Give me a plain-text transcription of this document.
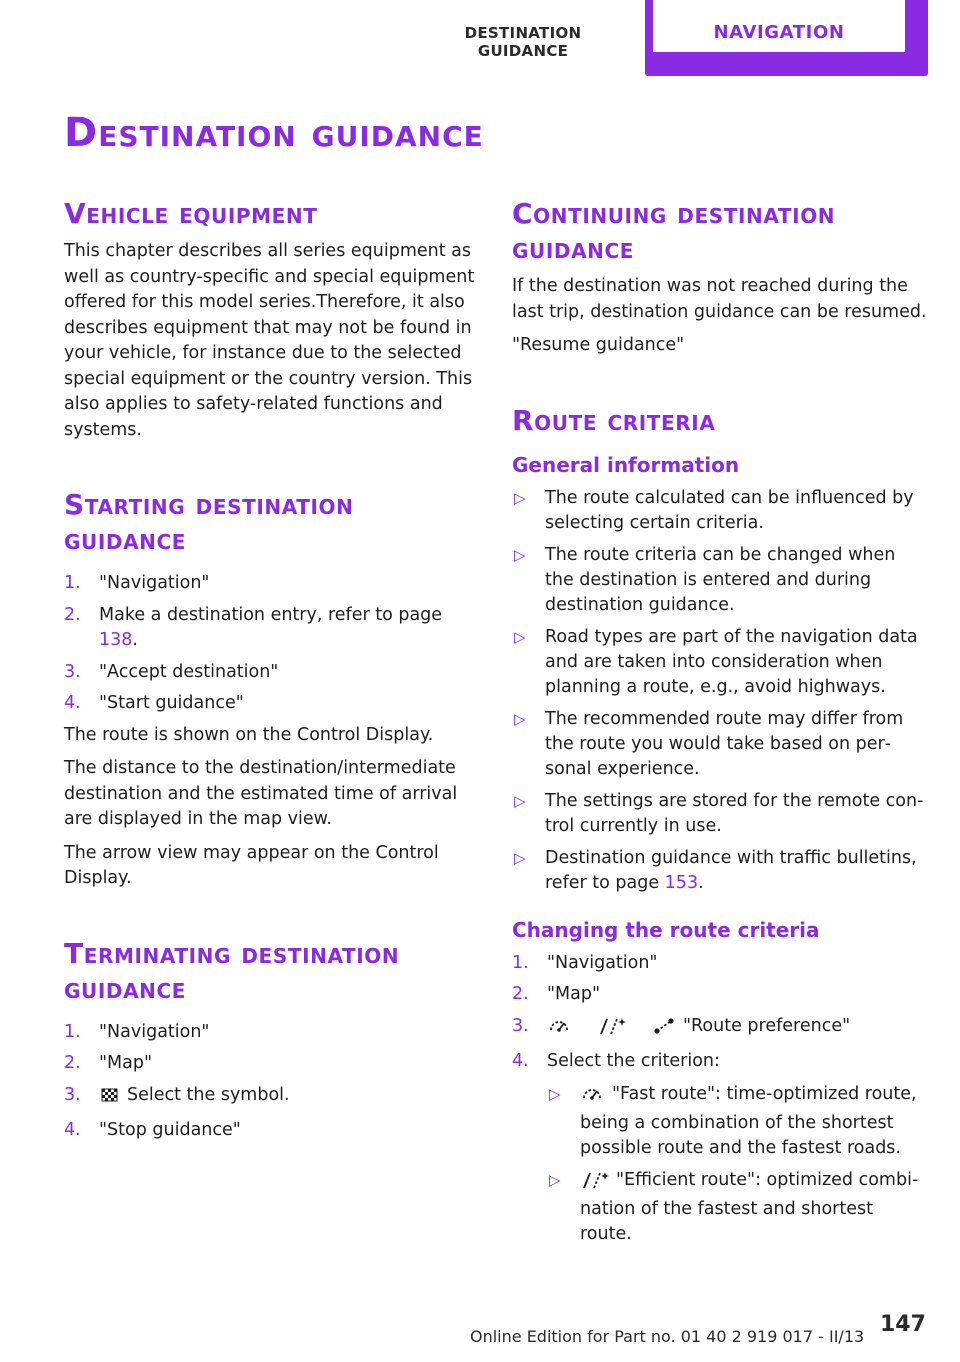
DESTINATION GUIDANCE
NAVIGATION
Destination guidance
Vehicle equipment

This chapter describes all series equipment as well as country-specific and special equipment offered for this model series.Therefore, it also describes equipment that may not be found in your vehicle, for instance due to the selected special equipment or the country version. This also applies to safety-related functions and systems.

Starting destination guidance
1. "Navigation"
2. Make a destination entry, refer to page 138.
3. "Accept destination"
4. "Start guidance"

The route is shown on the Control Display.

The distance to the destination/intermediate destination and the estimated time of arrival are displayed in the map view.

The arrow view may appear on the Control Display.

Terminating destination guidance
1. "Navigation"
2. "Map"
3.	Select the symbol.
4. "Stop guidance"
Continuing destination guidance

If the destination was not reached during the last trip, destination guidance can be resumed.

"Resume guidance"

Route criteria
General information
▷ The route calculated can be influenced by selecting certain criteria.
▷ The route criteria can be changed when the destination is entered and during destination guidance.
▷ Road types are part of the navigation data and are taken into consideration when planning a route, e.g., avoid highways.
▷ The recommended route may differ from the route you would take based on personal experience.
▷ The settings are stored for the remote control currently in use.
▷ Destination guidance with traffic bulletins, refer to page 153.
Changing the route criteria
1. "Navigation"
2. "Map"
3.	"Route preference"
4. Select the criterion:
▷	"Fast route": time-optimized route, being a combination of the shortest possible route and the fastest roads.
▷	"Efficient route": optimized combination of the fastest and shortest route.
147
Online Edition for Part no. 01 40 2 919 017 - II/13
